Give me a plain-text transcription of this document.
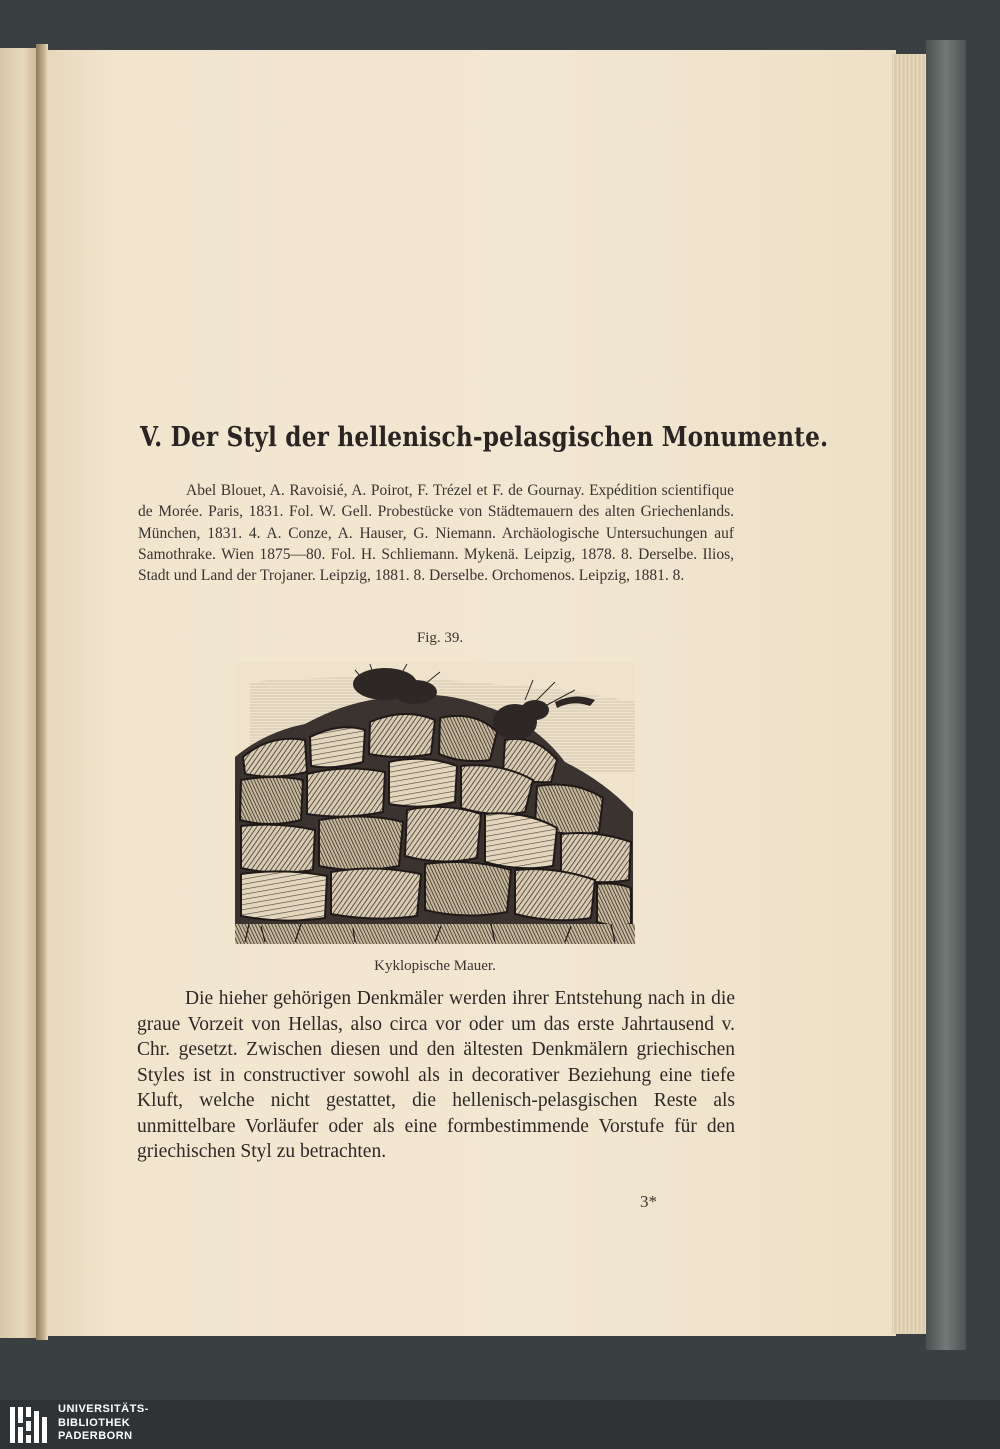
V. Der Styl der hellenisch-pelasgischen Monumente.

Abel Blouet, A. Ravoisié, A. Poirot, F. Trézel et F. de Gournay. Expédition scientifique de Morée. Paris, 1831. Fol. W. Gell. Probestücke von Städtemauern des alten Griechenlands. München, 1831. 4. A. Conze, A. Hauser, G. Niemann. Archäologische Untersuchungen auf Samothrake. Wien 1875—80. Fol. H. Schliemann. Mykenä. Leipzig, 1878. 8. Derselbe. Ilios, Stadt und Land der Trojaner. Leipzig, 1881. 8. Derselbe. Orchomenos. Leipzig, 1881. 8.

Fig. 39.
Kyklopische Mauer.

Die hieher gehörigen Denkmäler werden ihrer Entstehung nach in die graue Vorzeit von Hellas, also circa vor oder um das erste Jahrtausend v. Chr. gesetzt. Zwischen diesen und den ältesten Denkmälern griechischen Styles ist in constructiver sowohl als in decorativer Beziehung eine tiefe Kluft, welche nicht gestattet, die hellenisch-pelasgischen Reste als unmittelbare Vorläufer oder als eine formbestimmende Vorstufe für den griechischen Styl zu betrachten.

3*
UNIVERSITÄTS-
BIBLIOTHEK
PADERBORN
